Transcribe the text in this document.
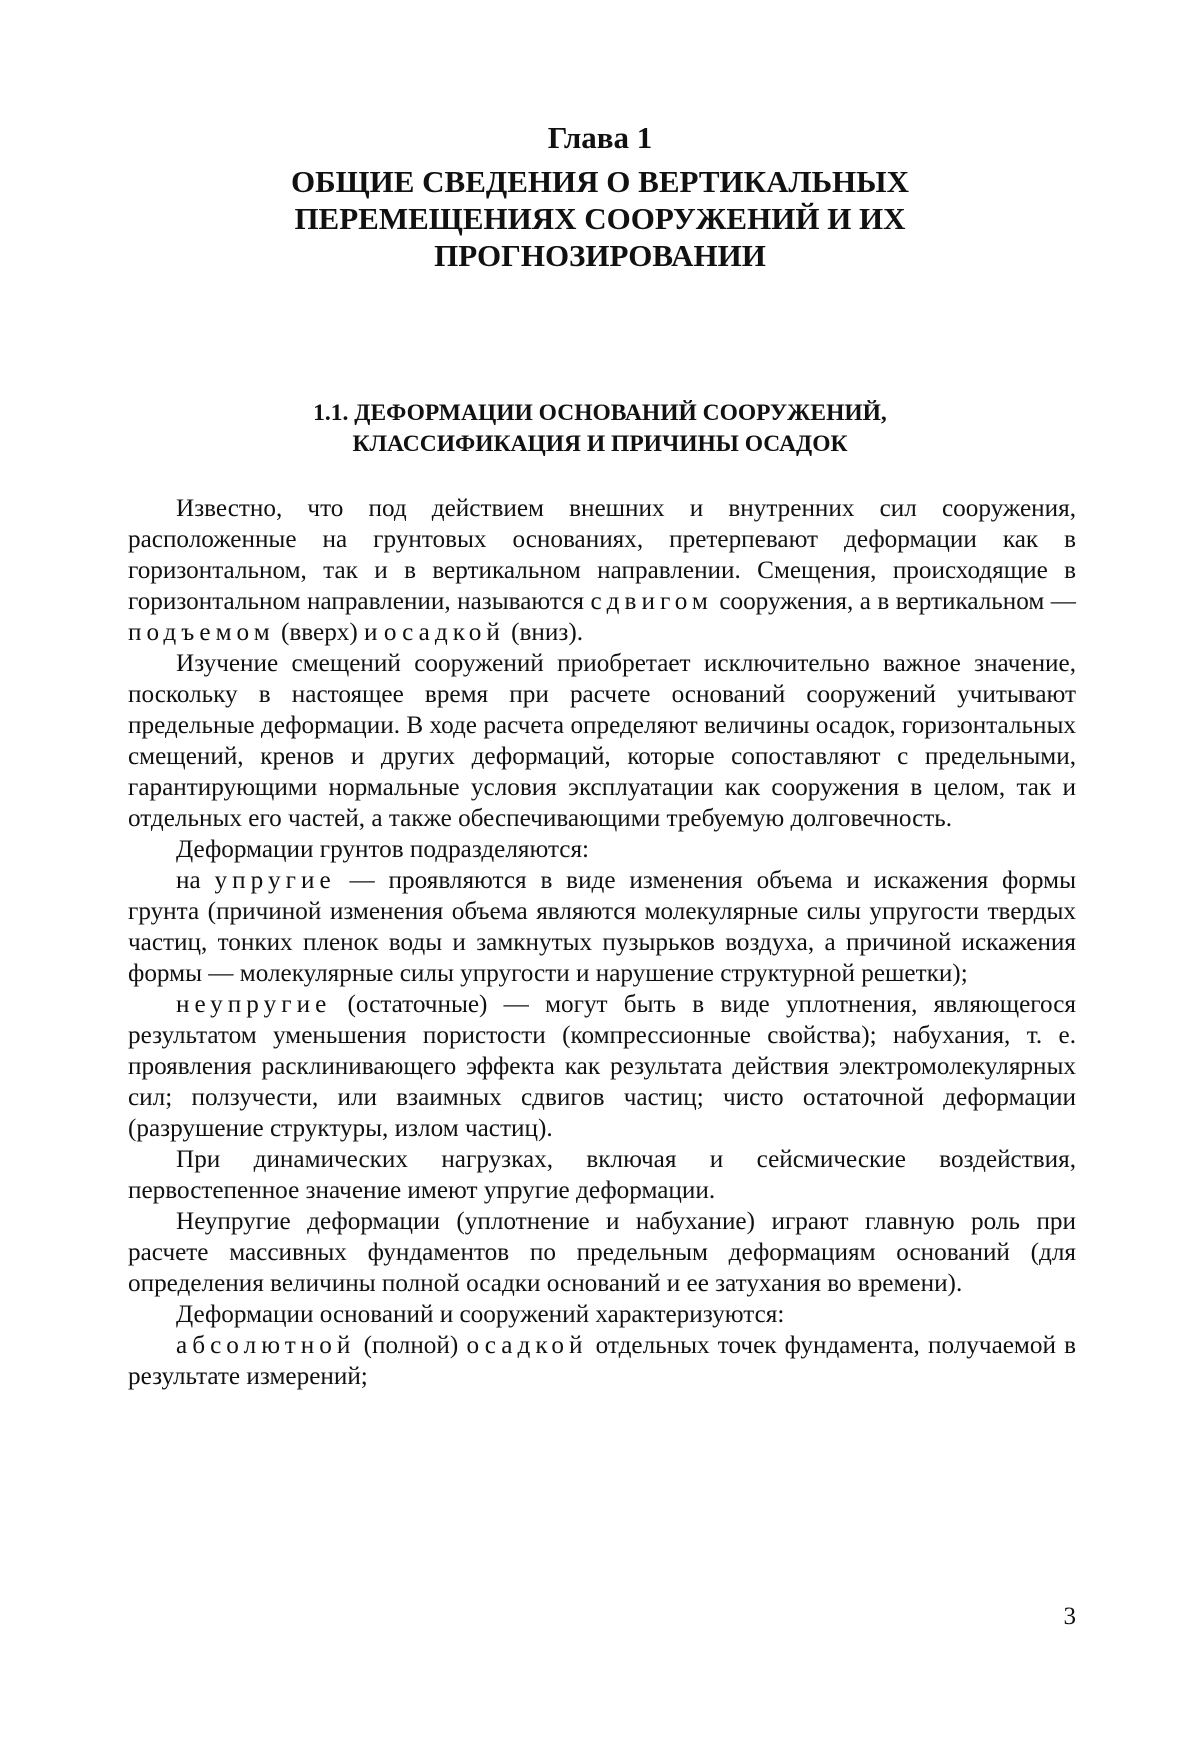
Глава 1
ОБЩИЕ СВЕДЕНИЯ О ВЕРТИКАЛЬНЫХ
ПЕРЕМЕЩЕНИЯХ СООРУЖЕНИЙ И ИХ
ПРОГНОЗИРОВАНИИ
1.1. ДЕФОРМАЦИИ ОСНОВАНИЙ СООРУЖЕНИЙ,
КЛАССИФИКАЦИЯ И ПРИЧИНЫ ОСАДОК

Известно, что под действием внешних и внутренних сил сооружения, расположенные на грунтовых основаниях, претерпевают деформации как в горизонтальном, так и в вертикальном направлении. Смещения, происходящие в горизонтальном направлении, называются сдвигом сооружения, а в вертикальном — подъемом (вверх) и осадкой (вниз).

Изучение смещений сооружений приобретает исключительно важное значение, поскольку в настоящее время при расчете оснований сооружений учитывают предельные деформации. В ходе расчета определяют величины осадок, горизонтальных смещений, кренов и других деформаций, которые сопоставляют с предельными, гарантирующими нормальные условия эксплуатации как сооружения в целом, так и отдельных его частей, а также обеспечивающими требуемую долговечность.

Деформации грунтов подразделяются:

на упругие — проявляются в виде изменения объема и искажения формы грунта (причиной изменения объема являются молекулярные силы упругости твердых частиц, тонких пленок воды и замкнутых пузырьков воздуха, а причиной искажения формы — молекулярные силы упругости и нарушение структурной решетки);

неупругие (остаточные) — могут быть в виде уплотнения, являющегося результатом уменьшения пористости (компрессионные свойства); набухания, т. е. проявления расклинивающего эффекта как результата действия электромолекулярных сил; ползучести, или взаимных сдвигов частиц; чисто остаточной деформации (разрушение структуры, излом частиц).

При динамических нагрузках, включая и сейсмические воздействия, первостепенное значение имеют упругие деформации.

Неупругие деформации (уплотнение и набухание) играют главную роль при расчете массивных фундаментов по предельным деформациям оснований (для определения величины полной осадки оснований и ее затухания во времени).

Деформации оснований и сооружений характеризуются:

абсолютной (полной) осадкой отдельных точек фундамента, получаемой в результате измерений;

3
